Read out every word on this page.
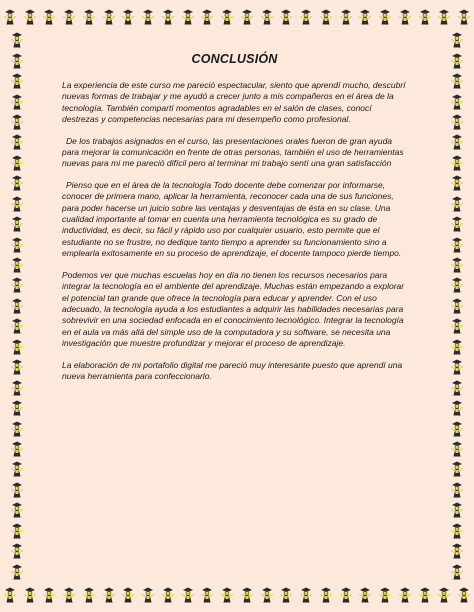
CONCLUSIÓN

La experiencia de este curso me pareció espectacular, siento que aprendí mucho, descubrí nuevas formas de trabajar y me ayudó a crecer junto a mis compañeros en el área de la tecnología. También compartí momentos agradables en el salón de clases, conocí destrezas y competencias necesarias para mi desempeño como profesional.

De los trabajos asignados en el curso, las presentaciones orales fueron de gran ayuda para mejorar la comunicación en frente de otras personas, también el uso de herramientas nuevas para mi me pareció difícil pero al terminar mi trabajo sentí una gran satisfacción

Pienso que en el área de la tecnología Todo docente debe comenzar por informarse, conocer de primera mano, aplicar la herramienta, reconocer cada una de sus funciones, para poder hacerse un juicio sobre las ventajas y desventajas de ésta en su clase. Una cualidad importante al tomar en cuenta una herramienta tecnológica es su grado de inductividad, es decir, su fácil y rápido uso por cualquier usuario, esto permite que el estudiante no se frustre, no dedique tanto tiempo a aprender su funcionamiento sino a emplearla exitosamente en su proceso de aprendizaje, el docente tampoco pierde tiempo.

Podemos ver que muchas escuelas hoy en día no tienen los recursos necesarios para integrar la tecnología en el ambiente del aprendizaje. Muchas están empezando a explorar el potencial tan grande que ofrece la tecnología para educar y aprender. Con el uso adecuado, la tecnología ayuda a los estudiantes a adquirir las habilidades necesarias para sobrevivir en una sociedad enfocada en el conocimiento tecnológico. Integrar la tecnología en el aula va más allá del simple uso de la computadora y su software, se necesita una investigación que muestre profundizar y mejorar el proceso de aprendizaje.

La elaboración de mi portafolio digital me pareció muy interesante puesto que aprendí una nueva herramienta para confeccionarlo.
